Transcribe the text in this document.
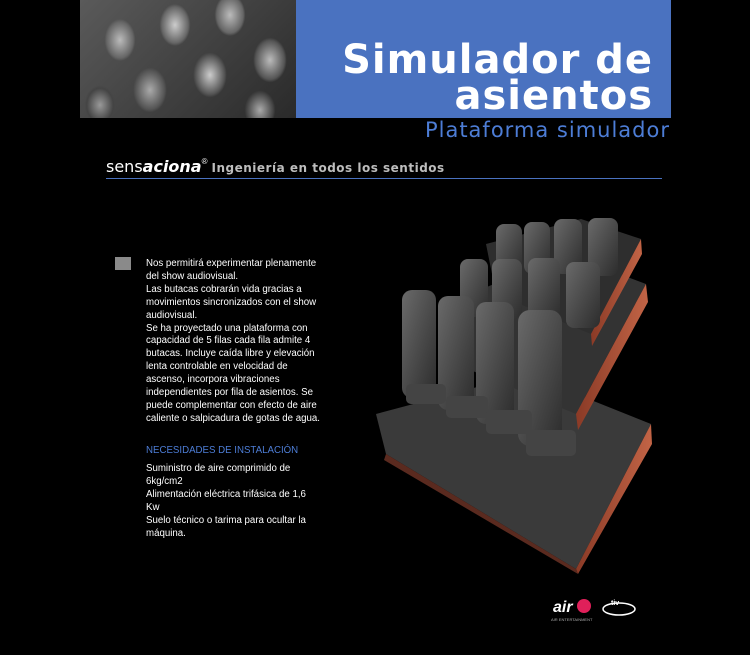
Simulador de
asientos
Plataforma simulador
sens aciona ® Ingeniería en todos los sentidos

Nos permitirá experimentar plenamente

del show audiovisual.

Las butacas cobrarán vida gracias a

movimientos sincronizados con el show

audiovisual.

Se ha proyectado una plataforma con

capacidad de 5 filas cada fila admite 4

butacas. Incluye caída libre y elevación

lenta controlable en velocidad de

ascenso, incorpora vibraciones

independientes por fila de asientos. Se

puede complementar con efecto de aire

caliente o salpicadura de gotas de agua.

NECESIDADES DE INSTALACIÓN

Suministro de aire comprimido de

6kg/cm2

Alimentación eléctrica trifásica de 1,6

Kw

Suelo técnico o tarima para ocultar la

máquina.

air
AIR ENTERTAINMENT
tiv
